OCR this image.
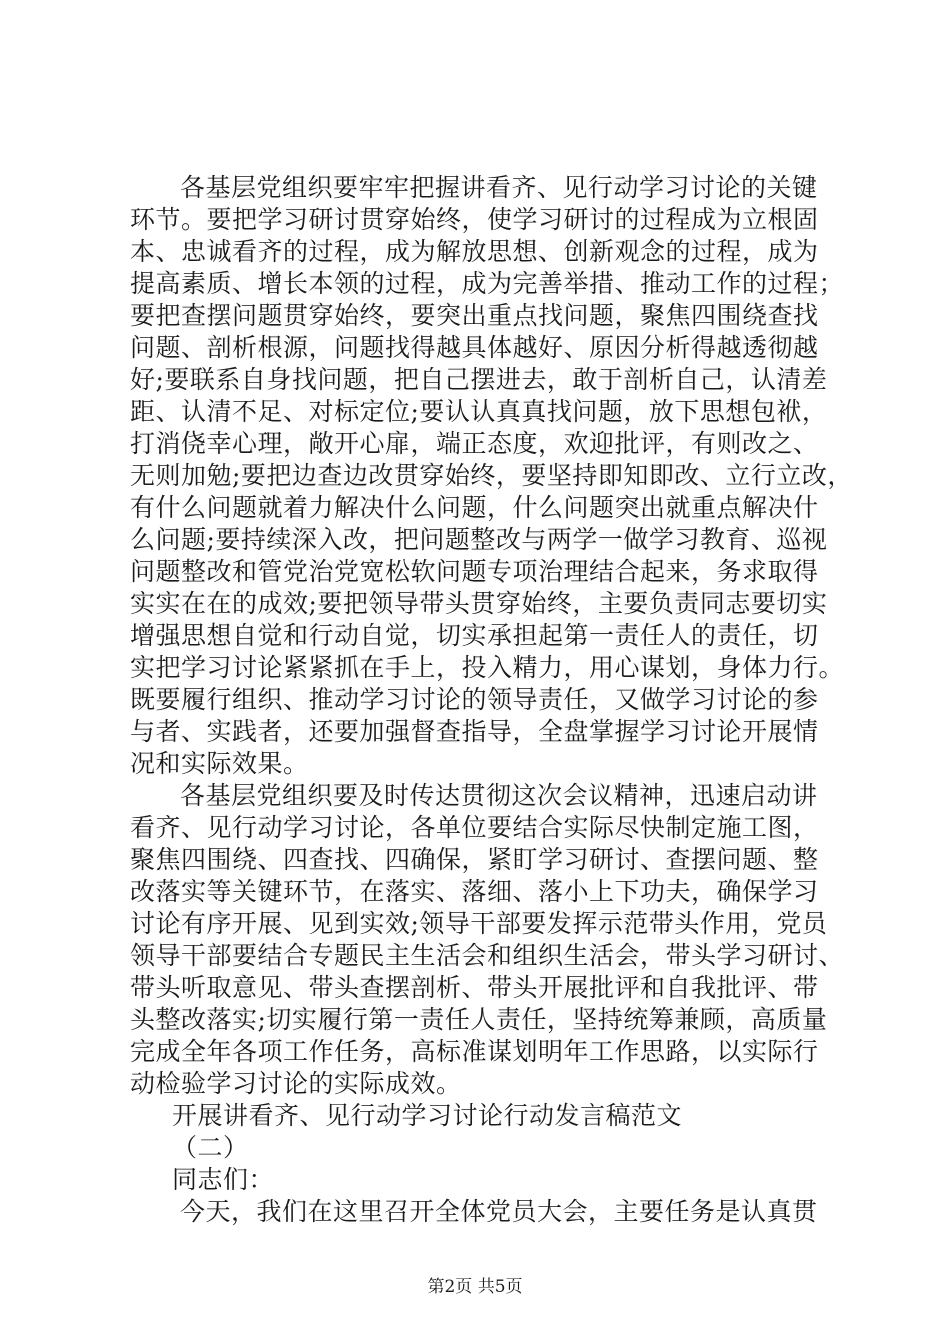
各基层党组织要牢牢把握讲看齐、见行动学习讨论的关键
环节。要把学习研讨贯穿始终，使学习研讨的过程成为立根固
本、忠诚看齐的过程，成为解放思想、创新观念的过程，成为
提高素质、增长本领的过程，成为完善举措、推动工作的过程；
要把查摆问题贯穿始终，要突出重点找问题，聚焦四围绕查找
问题、剖析根源，问题找得越具体越好、原因分析得越透彻越
好;要联系自身找问题，把自己摆进去，敢于剖析自己，认清差
距、认清不足、对标定位;要认认真真找问题，放下思想包袱，
打消侥幸心理，敞开心扉，端正态度，欢迎批评，有则改之、
无则加勉;要把边查边改贯穿始终，要坚持即知即改、立行立改，
有什么问题就着力解决什么问题，什么问题突出就重点解决什
么问题;要持续深入改，把问题整改与两学一做学习教育、巡视
问题整改和管党治党宽松软问题专项治理结合起来，务求取得
实实在在的成效;要把领导带头贯穿始终，主要负责同志要切实
增强思想自觉和行动自觉，切实承担起第一责任人的责任，切
实把学习讨论紧紧抓在手上，投入精力，用心谋划，身体力行。
既要履行组织、推动学习讨论的领导责任，又做学习讨论的参
与者、实践者，还要加强督查指导，全盘掌握学习讨论开展情
况和实际效果。
各基层党组织要及时传达贯彻这次会议精神，迅速启动讲
看齐、见行动学习讨论，各单位要结合实际尽快制定施工图，
聚焦四围绕、四查找、四确保，紧盯学习研讨、查摆问题、整
改落实等关键环节，在落实、落细、落小上下功夫，确保学习
讨论有序开展、见到实效;领导干部要发挥示范带头作用，党员
领导干部要结合专题民主生活会和组织生活会，带头学习研讨、
带头听取意见、带头查摆剖析、带头开展批评和自我批评、带
头整改落实;切实履行第一责任人责任，坚持统筹兼顾，高质量
完成全年各项工作任务，高标准谋划明年工作思路，以实际行
动检验学习讨论的实际成效。
开展讲看齐、见行动学习讨论行动发言稿范文
（二）
同志们：
今天，我们在这里召开全体党员大会，主要任务是认真贯
第2页 共5页
